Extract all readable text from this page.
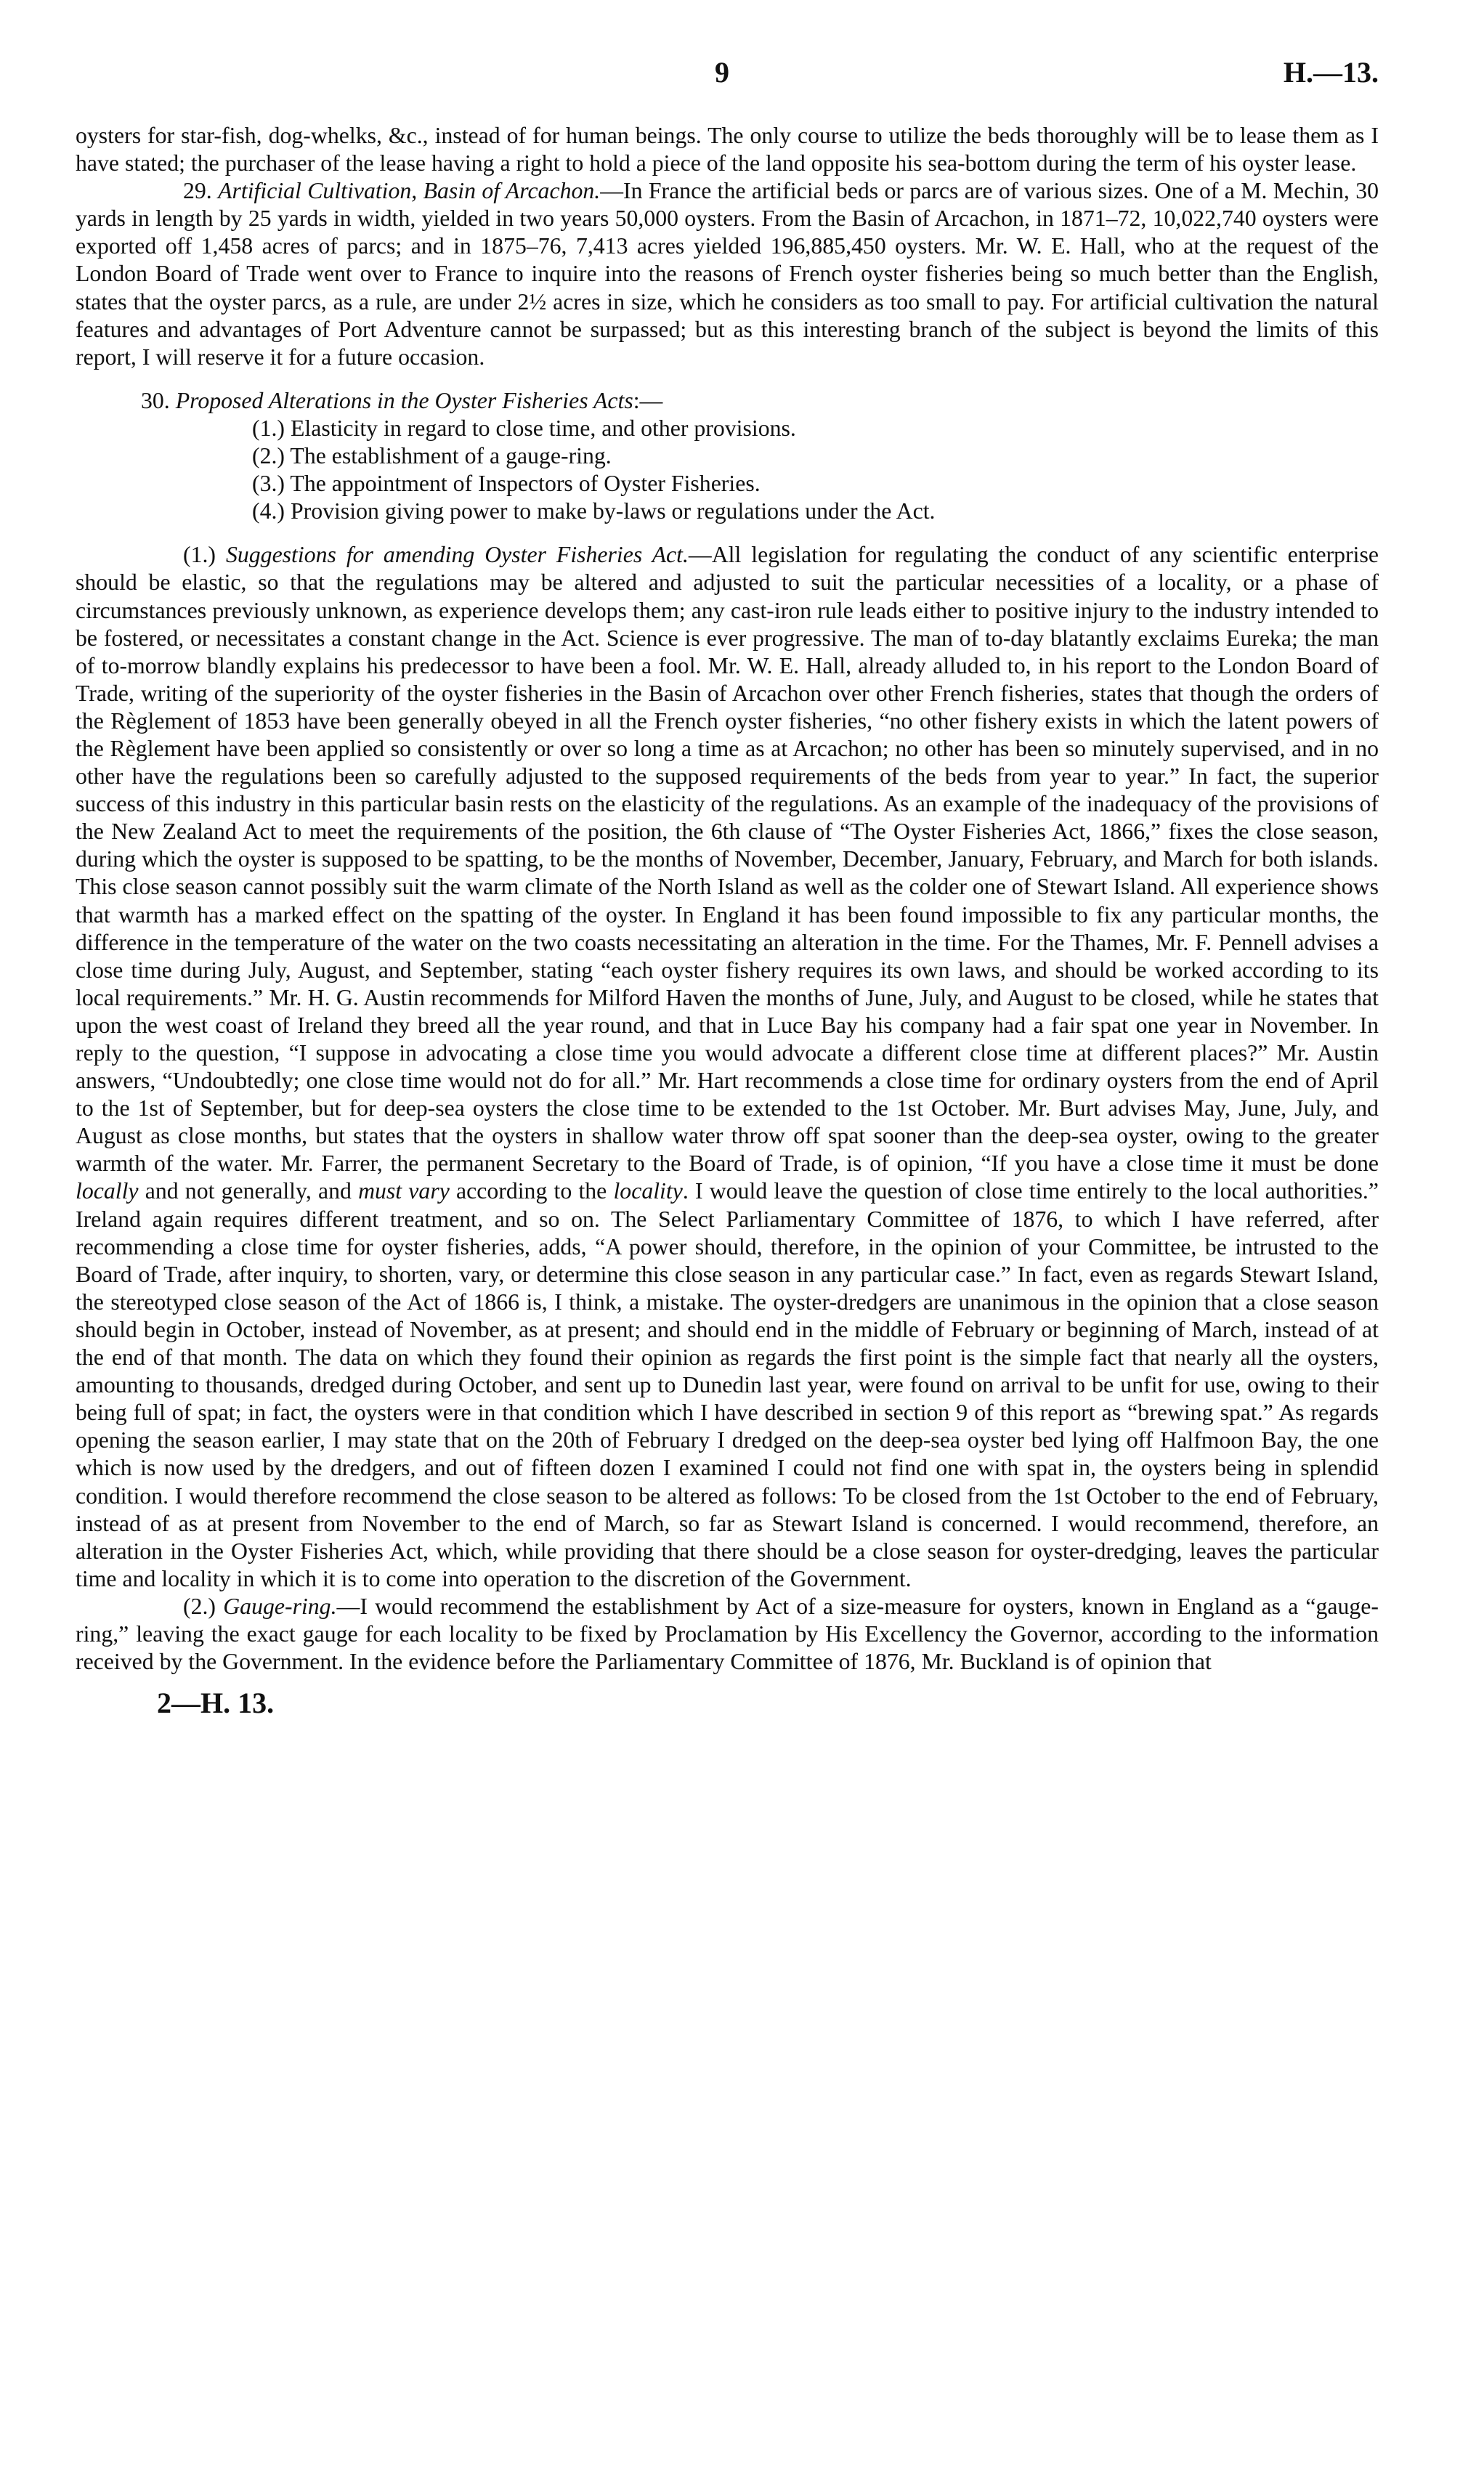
9	H.—13.

oysters for star-fish, dog-whelks, &c., instead of for human beings. The only course to utilize the beds thoroughly will be to lease them as I have stated; the purchaser of the lease having a right to hold a piece of the land opposite his sea-bottom during the term of his oyster lease.

29. Artificial Cultivation, Basin of Arcachon.—In France the artificial beds or parcs are of various sizes. One of a M. Mechin, 30 yards in length by 25 yards in width, yielded in two years 50,000 oysters. From the Basin of Arcachon, in 1871–72, 10,022,740 oysters were exported off 1,458 acres of parcs; and in 1875–76, 7,413 acres yielded 196,885,450 oysters. Mr. W. E. Hall, who at the request of the London Board of Trade went over to France to inquire into the reasons of French oyster fisheries being so much better than the English, states that the oyster parcs, as a rule, are under 2½ acres in size, which he considers as too small to pay. For artificial cultivation the natural features and advantages of Port Adventure cannot be surpassed; but as this interesting branch of the subject is beyond the limits of this report, I will reserve it for a future occasion.

30. Proposed Alterations in the Oyster Fisheries Acts:—

(1.) Elasticity in regard to close time, and other provisions.
(2.) The establishment of a gauge-ring.
(3.) The appointment of Inspectors of Oyster Fisheries.
(4.) Provision giving power to make by-laws or regulations under the Act.

(1.) Suggestions for amending Oyster Fisheries Act.—All legislation for regulating the conduct of any scientific enterprise should be elastic, so that the regulations may be altered and adjusted to suit the particular necessities of a locality, or a phase of circumstances previously unknown, as experience develops them; any cast-iron rule leads either to positive injury to the industry intended to be fostered, or necessitates a constant change in the Act. Science is ever progressive. The man of to-day blatantly exclaims Eureka; the man of to-morrow blandly explains his predecessor to have been a fool. Mr. W. E. Hall, already alluded to, in his report to the London Board of Trade, writing of the superiority of the oyster fisheries in the Basin of Arcachon over other French fisheries, states that though the orders of the Règlement of 1853 have been generally obeyed in all the French oyster fisheries, “no other fishery exists in which the latent powers of the Règlement have been applied so consistently or over so long a time as at Arcachon; no other has been so minutely supervised, and in no other have the regulations been so carefully adjusted to the supposed requirements of the beds from year to year.” In fact, the superior success of this industry in this particular basin rests on the elasticity of the regulations. As an example of the inadequacy of the provisions of the New Zealand Act to meet the requirements of the position, the 6th clause of “The Oyster Fisheries Act, 1866,” fixes the close season, during which the oyster is supposed to be spatting, to be the months of November, December, January, February, and March for both islands. This close season cannot possibly suit the warm climate of the North Island as well as the colder one of Stewart Island. All experience shows that warmth has a marked effect on the spatting of the oyster. In England it has been found impossible to fix any particular months, the difference in the temperature of the water on the two coasts necessitating an alteration in the time. For the Thames, Mr. F. Pennell advises a close time during July, August, and September, stating “each oyster fishery requires its own laws, and should be worked according to its local requirements.” Mr. H. G. Austin recommends for Milford Haven the months of June, July, and August to be closed, while he states that upon the west coast of Ireland they breed all the year round, and that in Luce Bay his company had a fair spat one year in November. In reply to the question, “I suppose in advocating a close time you would advocate a different close time at different places?” Mr. Austin answers, “Undoubtedly; one close time would not do for all.” Mr. Hart recommends a close time for ordinary oysters from the end of April to the 1st of September, but for deep-sea oysters the close time to be extended to the 1st October. Mr. Burt advises May, June, July, and August as close months, but states that the oysters in shallow water throw off spat sooner than the deep-sea oyster, owing to the greater warmth of the water. Mr. Farrer, the permanent Secretary to the Board of Trade, is of opinion, “If you have a close time it must be done locally and not generally, and must vary according to the locality. I would leave the question of close time entirely to the local authorities.” Ireland again requires different treatment, and so on. The Select Parliamentary Committee of 1876, to which I have referred, after recommending a close time for oyster fisheries, adds, “A power should, therefore, in the opinion of your Committee, be intrusted to the Board of Trade, after inquiry, to shorten, vary, or determine this close season in any particular case.” In fact, even as regards Stewart Island, the stereotyped close season of the Act of 1866 is, I think, a mistake. The oyster-dredgers are unanimous in the opinion that a close season should begin in October, instead of November, as at present; and should end in the middle of February or beginning of March, instead of at the end of that month. The data on which they found their opinion as regards the first point is the simple fact that nearly all the oysters, amounting to thousands, dredged during October, and sent up to Dunedin last year, were found on arrival to be unfit for use, owing to their being full of spat; in fact, the oysters were in that condition which I have described in section 9 of this report as “brewing spat.” As regards opening the season earlier, I may state that on the 20th of February I dredged on the deep-sea oyster bed lying off Halfmoon Bay, the one which is now used by the dredgers, and out of fifteen dozen I examined I could not find one with spat in, the oysters being in splendid condition. I would therefore recommend the close season to be altered as follows: To be closed from the 1st October to the end of February, instead of as at present from November to the end of March, so far as Stewart Island is concerned. I would recommend, therefore, an alteration in the Oyster Fisheries Act, which, while providing that there should be a close season for oyster-dredging, leaves the particular time and locality in which it is to come into operation to the discretion of the Government.

(2.) Gauge-ring.—I would recommend the establishment by Act of a size-measure for oysters, known in England as a “gauge-ring,” leaving the exact gauge for each locality to be fixed by Proclamation by His Excellency the Governor, according to the information received by the Government. In the evidence before the Parliamentary Committee of 1876, Mr. Buckland is of opinion that

2—H. 13.
